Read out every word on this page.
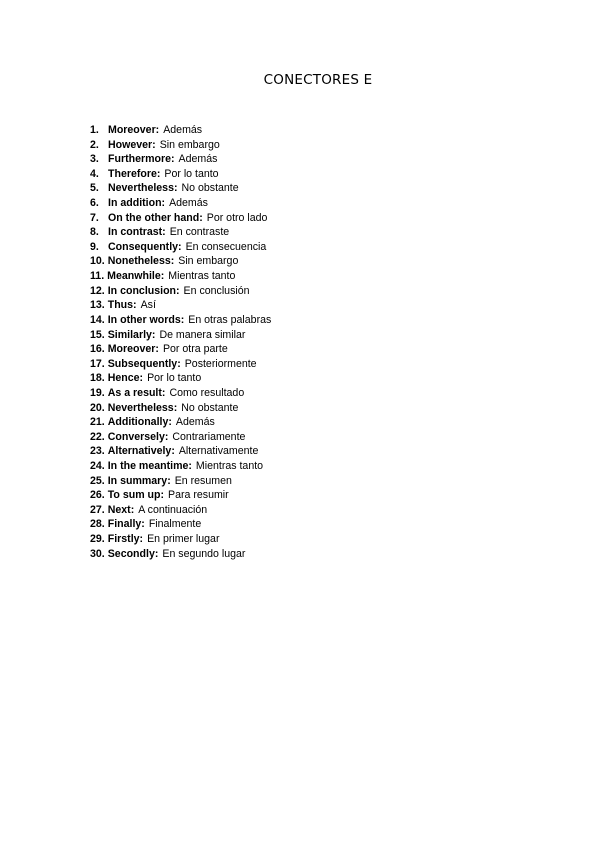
CONECTORES E
1. Moreover: Además
2. However: Sin embargo
3. Furthermore: Además
4. Therefore: Por lo tanto
5. Nevertheless: No obstante
6. In addition: Además
7. On the other hand: Por otro lado
8. In contrast: En contraste
9. Consequently: En consecuencia
10. Nonetheless: Sin embargo
11. Meanwhile: Mientras tanto
12. In conclusion: En conclusión
13. Thus: Así
14. In other words: En otras palabras
15. Similarly: De manera similar
16. Moreover: Por otra parte
17. Subsequently: Posteriormente
18. Hence: Por lo tanto
19. As a result: Como resultado
20. Nevertheless: No obstante
21. Additionally: Además
22. Conversely: Contrariamente
23. Alternatively: Alternativamente
24. In the meantime: Mientras tanto
25. In summary: En resumen
26. To sum up: Para resumir
27. Next: A continuación
28. Finally: Finalmente
29. Firstly: En primer lugar
30. Secondly: En segundo lugar
